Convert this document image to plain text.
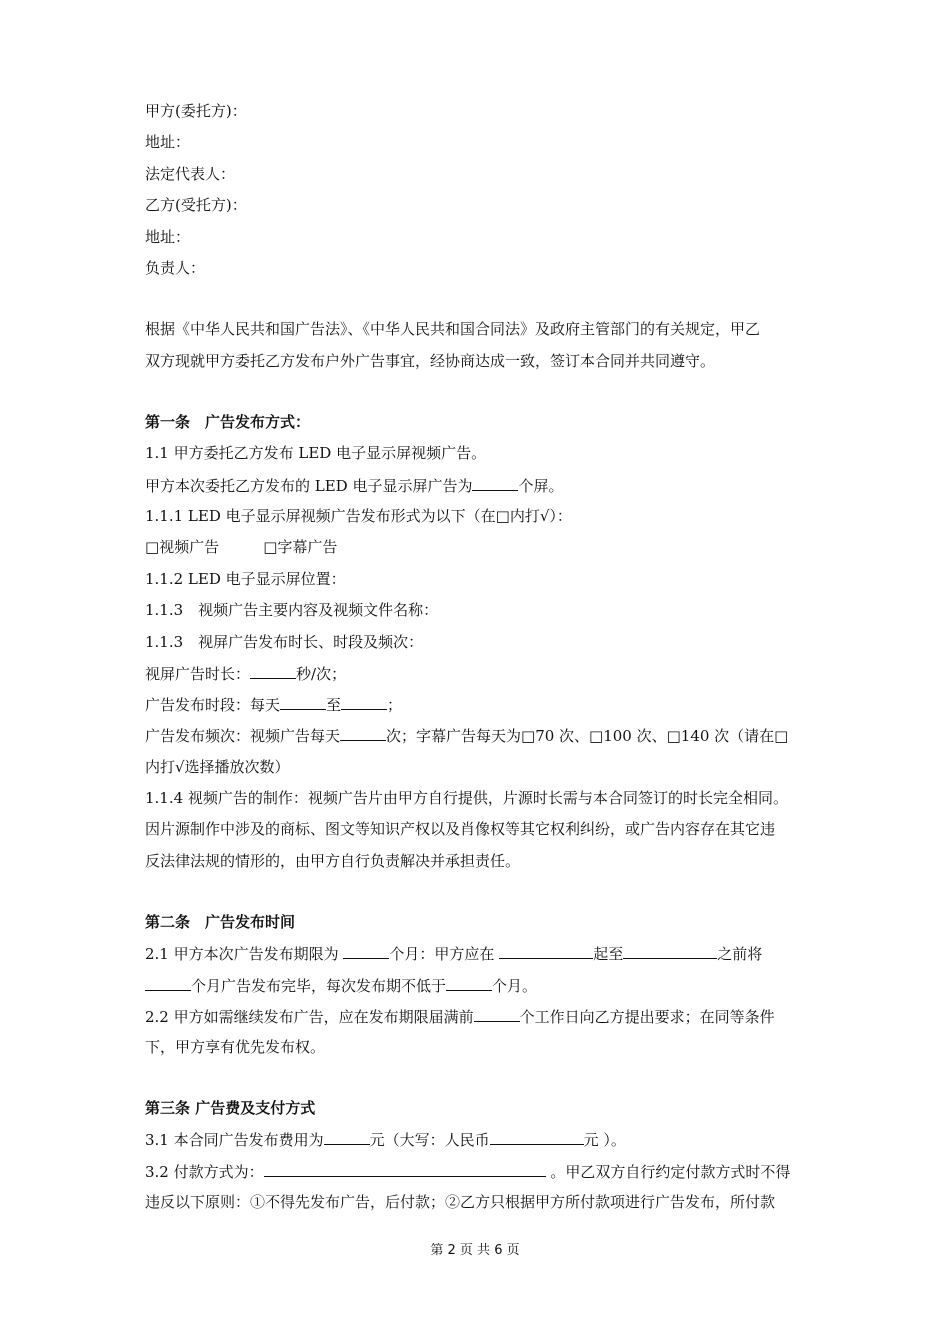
甲方(委托方)：
地址：
法定代表人：
乙方(受托方)：
地址：
负责人：
根据《中华人民共和国广告法》、《中华人民共和国合同法》及政府主管部门的有关规定，甲乙
双方现就甲方委托乙方发布户外广告事宜，经协商达成一致，签订本合同并共同遵守。
第一条　广告发布方式：
1.1 甲方委托乙方发布 LED 电子显示屏视频广告。
甲方本次委托乙方发布的 LED 电子显示屏广告为	个屏。
1.1.1 LED 电子显示屏视频广告发布形式为以下（在□内打√）：
□视频广告	□字幕广告
1.1.2 LED 电子显示屏位置：
1.1.3　视频广告主要内容及视频文件名称：
1.1.3　视屏广告发布时长、时段及频次：
视屏广告时长：	秒/次；
广告发布时段：每天	至	；
广告发布频次：视频广告每天	次；字幕广告每天为□70 次、□100 次、□140 次（请在□
内打√选择播放次数）
1.1.4 视频广告的制作：视频广告片由甲方自行提供，片源时长需与本合同签订的时长完全相同。
因片源制作中涉及的商标、图文等知识产权以及肖像权等其它权利纠纷，或广告内容存在其它违
反法律法规的情形的，由甲方自行负责解决并承担责任。
第二条　广告发布时间
2.1 甲方本次广告发布期限为	个月：甲方应在	起至	之前将
个月广告发布完毕，每次发布期不低于	个月。
2.2 甲方如需继续发布广告，应在发布期限届满前	个工作日向乙方提出要求；在同等条件
下，甲方享有优先发布权。
第三条 广告费及支付方式
3.1 本合同广告发布费用为	元（大写：人民币	元 ）。
3.2 付款方式为：	。甲乙双方自行约定付款方式时不得
违反以下原则：①不得先发布广告，后付款；②乙方只根据甲方所付款项进行广告发布，所付款
第 2 页 共 6 页
